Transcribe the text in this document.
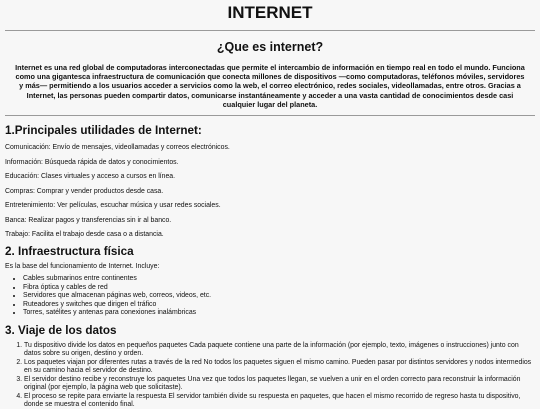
INTERNET
¿Que es internet?

Internet es una red global de computadoras interconectadas que permite el intercambio de información en tiempo real en todo el mundo. Funciona como una gigantesca infraestructura de comunicación que conecta millones de dispositivos —como computadoras, teléfonos móviles, servidores y más— permitiendo a los usuarios acceder a servicios como la web, el correo electrónico, redes sociales, videollamadas, entre otros. Gracias a Internet, las personas pueden compartir datos, comunicarse instantáneamente y acceder a una vasta cantidad de conocimientos desde casi cualquier lugar del planeta.

1.Principales utilidades de Internet:

Comunicación: Envío de mensajes, videollamadas y correos electrónicos.

Información: Búsqueda rápida de datos y conocimientos.

Educación: Clases virtuales y acceso a cursos en línea.

Compras: Comprar y vender productos desde casa.

Entretenimiento: Ver películas, escuchar música y usar redes sociales.

Banca: Realizar pagos y transferencias sin ir al banco.

Trabajo: Facilita el trabajo desde casa o a distancia.

2. Infraestructura física

Es la base del funcionamiento de Internet. Incluye:

• Cables submarinos entre continentes
• Fibra óptica y cables de red
• Servidores que almacenan páginas web, correos, videos, etc.
• Ruteadores y switches que dirigen el tráfico
• Torres, satélites y antenas para conexiones inalámbricas
3. Viaje de los datos
1. Tu dispositivo divide los datos en pequeños paquetes Cada paquete contiene una parte de la información (por ejemplo, texto, imágenes o instrucciones) junto con datos sobre su origen, destino y orden.
2. Los paquetes viajan por diferentes rutas a través de la red No todos los paquetes siguen el mismo camino. Pueden pasar por distintos servidores y nodos intermedios en su camino hacia el servidor de destino.
3. El servidor destino recibe y reconstruye los paquetes Una vez que todos los paquetes llegan, se vuelven a unir en el orden correcto para reconstruir la información original (por ejemplo, la página web que solicitaste).
4. El proceso se repite para enviarte la respuesta El servidor también divide su respuesta en paquetes, que hacen el mismo recorrido de regreso hasta tu dispositivo, donde se muestra el contenido final.
